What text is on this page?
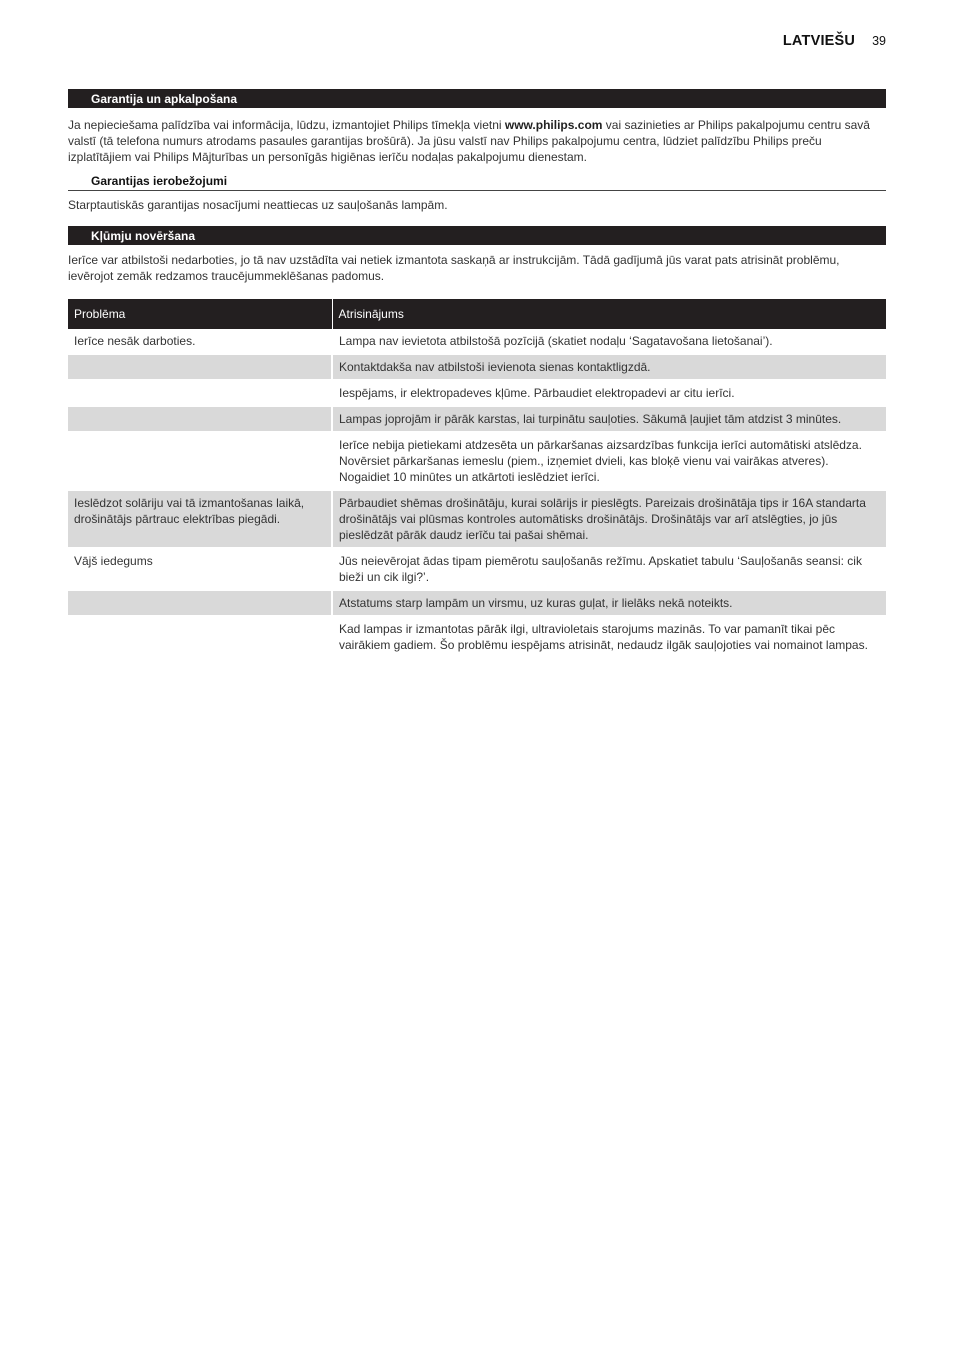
LATVIEŠU 39
Garantija un apkalpošana

Ja nepieciešama palīdzība vai informācija, lūdzu, izmantojiet Philips tīmekļa vietni www.philips.com vai sazinieties ar Philips pakalpojumu centru savā valstī (tā telefona numurs atrodams pasaules garantijas brošūrā). Ja jūsu valstī nav Philips pakalpojumu centra, lūdziet palīdzību Philips preču izplatītājiem vai Philips Mājturības un personīgās higiēnas ierīču nodaļas pakalpojumu dienestam.

Garantijas ierobežojumi

Starptautiskās garantijas nosacījumi neattiecas uz sauļošanās lampām.

Kļūmju novēršana

Ierīce var atbilstoši nedarboties, jo tā nav uzstādīta vai netiek izmantota saskaņā ar instrukcijām. Tādā gadījumā jūs varat pats atrisināt problēmu, ievērojot zemāk redzamos traucējummeklēšanas padomus.

Problēma	Atrisinājums
Ierīce nesāk darboties.	Lampa nav ievietota atbilstošā pozīcijā (skatiet nodaļu ‘Sagatavošana lietošanai’).
	Kontaktdakša nav atbilstoši ievienota sienas kontaktligzdā.
	Iespējams, ir elektropadeves kļūme. Pārbaudiet elektropadevi ar citu ierīci.
	Lampas joprojām ir pārāk karstas, lai turpinātu sauļoties. Sākumā ļaujiet tām atdzist 3 minūtes.
	Ierīce nebija pietiekami atdzesēta un pārkaršanas aizsardzības funkcija ierīci automātiski atslēdza. Novērsiet pārkaršanas iemeslu (piem., izņemiet dvieli, kas bloķē vienu vai vairākas atveres). Nogaidiet 10 minūtes un atkārtoti ieslēdziet ierīci.
Ieslēdzot solāriju vai tā izmantošanas laikā, drošinātājs pārtrauc elektrības piegādi.	Pārbaudiet shēmas drošinātāju, kurai solārijs ir pieslēgts. Pareizais drošinātāja tips ir 16A standarta drošinātājs vai plūsmas kontroles automātisks drošinātājs. Drošinātājs var arī atslēgties, jo jūs pieslēdzāt pārāk daudz ierīču tai pašai shēmai.
Vājš iedegums	Jūs neievērojat ādas tipam piemērotu sauļošanās režīmu. Apskatiet tabulu ‘Sauļošanās seansi: cik bieži un cik ilgi?’.
	Atstatums starp lampām un virsmu, uz kuras guļat, ir lielāks nekā noteikts.
	Kad lampas ir izmantotas pārāk ilgi, ultravioletais starojums mazinās. To var pamanīt tikai pēc vairākiem gadiem. Šo problēmu iespējams atrisināt, nedaudz ilgāk sauļojoties vai nomainot lampas.
